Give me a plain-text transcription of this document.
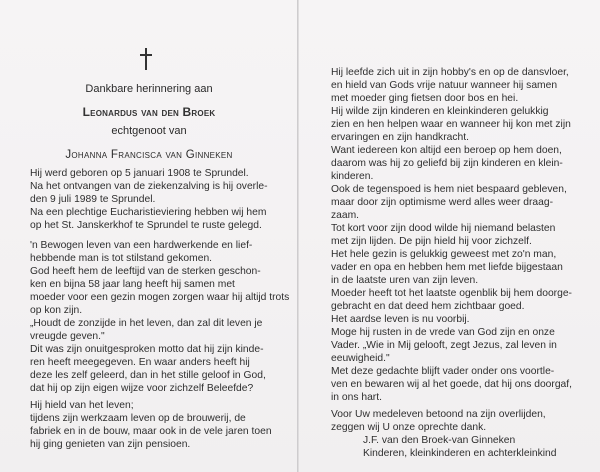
Dankbare herinnering aan
Leonardus van den Broek
echtgenoot van
Johanna Francisca van Ginneken
Hij werd geboren op 5 januari 1908 te Sprundel.
Na het ontvangen van de ziekenzalving is hij overle-
den 9 juli 1989 te Sprundel.
Na een plechtige Eucharistieviering hebben wij hem
op het St. Janskerkhof te Sprundel te ruste gelegd.
'n Bewogen leven van een hardwerkende en lief-
hebbende man is tot stilstand gekomen.
God heeft hem de leeftijd van de sterken geschon-
ken en bijna 58 jaar lang heeft hij samen met
moeder voor een gezin mogen zorgen waar hij altijd trots
op kon zijn.
„Houdt de zonzijde in het leven, dan zal dit leven je
vreugde geven."
Dit was zijn onuitgesproken motto dat hij zijn kinde-
ren heeft meegegeven. En waar anders heeft hij
deze les zelf geleerd, dan in het stille geloof in God,
dat hij op zijn eigen wijze voor zichzelf Beleefde?
Hij hield van het leven;
tijdens zijn werkzaam leven op de brouwerij, de
fabriek en in de bouw, maar ook in de vele jaren toen
hij ging genieten van zijn pensioen.
Hij leefde zich uit in zijn hobby's en op de dansvloer,
en hield van Gods vrije natuur wanneer hij samen
met moeder ging fietsen door bos en hei.
Hij wilde zijn kinderen en kleinkinderen gelukkig
zien en hen helpen waar en wanneer hij kon met zijn
ervaringen en zijn handkracht.
Want iedereen kon altijd een beroep op hem doen,
daarom was hij zo geliefd bij zijn kinderen en klein-
kinderen.
Ook de tegenspoed is hem niet bespaard gebleven,
maar door zijn optimisme werd alles weer draag-
zaam.
Tot kort voor zijn dood wilde hij niemand belasten
met zijn lijden. De pijn hield hij voor zichzelf.
Het hele gezin is gelukkig geweest met zo'n man,
vader en opa en hebben hem met liefde bijgestaan
in de laatste uren van zijn leven.
Moeder heeft tot het laatste ogenblik bij hem doorge-
gebracht en dat deed hem zichtbaar goed.
Het aardse leven is nu voorbij.
Moge hij rusten in de vrede van God zijn en onze
Vader. „Wie in Mij gelooft, zegt Jezus, zal leven in
eeuwigheid."
Met deze gedachte blijft vader onder ons voortle-
ven en bewaren wij al het goede, dat hij ons doorgaf,
in ons hart.
Voor Uw medeleven betoond na zijn overlijden,
zeggen wij U onze oprechte dank.
J.F. van den Broek-van Ginneken
Kinderen, kleinkinderen en achterkleinkind
